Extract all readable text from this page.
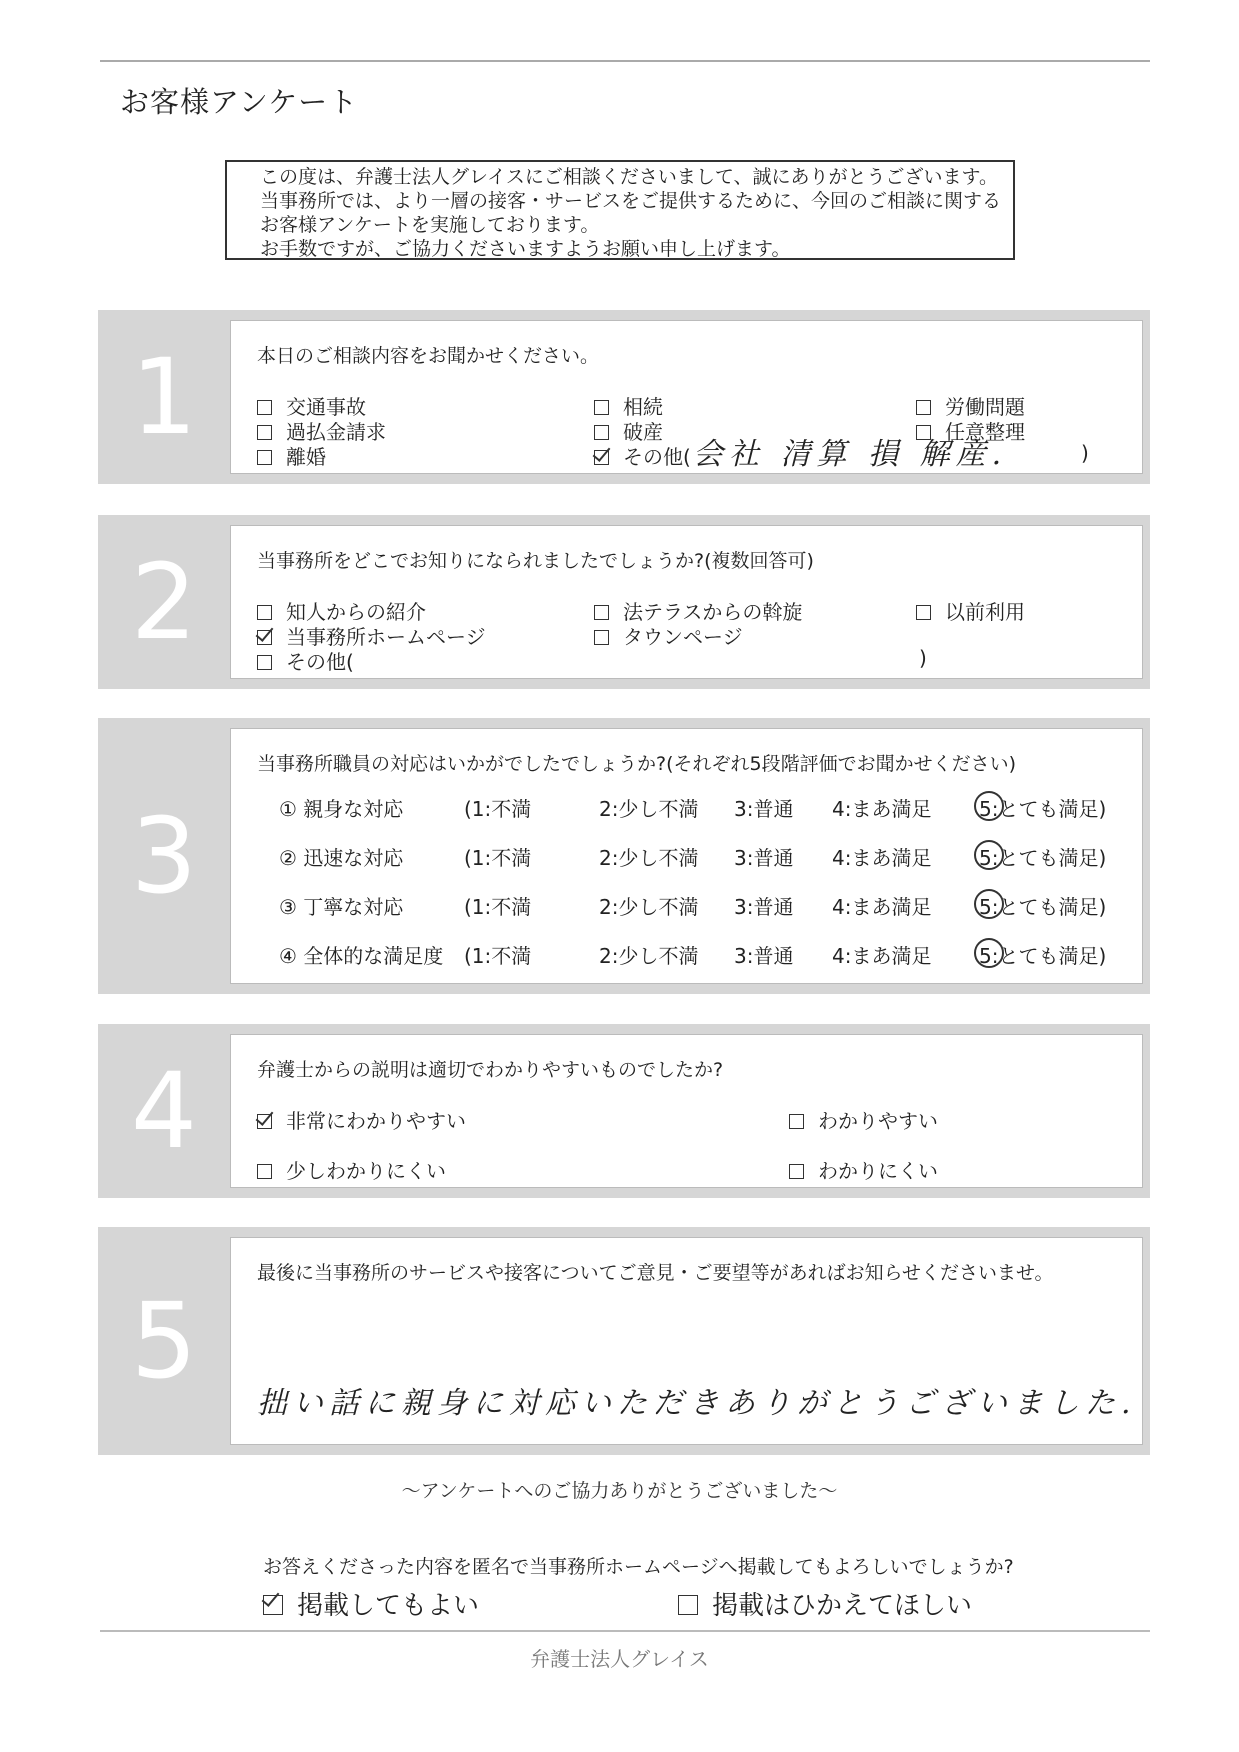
お客様アンケート
この度は、弁護士法人グレイスにご相談くださいまして、誠にありがとうございます。
当事務所では、より一層の接客・サービスをご提供するために、今回のご相談に関する
お客様アンケートを実施しております。
お手数ですが、ご協力くださいますようお願い申し上げます。
1	本日のご相談内容をお聞かせください。
交通事故
過払金請求
離婚
相続
破産
その他( 会社 清算 損 解産.	)
労働問題
任意整理
2	当事務所をどこでお知りになられましたでしょうか?(複数回答可)
知人からの紹介
当事務所ホームページ
その他(	)
法テラスからの斡旋
タウンページ
以前利用
3
当事務所職員の対応はいかがでしたでしょうか?(それぞれ5段階評価でお聞かせください)
① 親身な対応	(1:不満	2:少し不満 3:普通 4:まあ満足 5:とても満足)
② 迅速な対応	(1:不満	2:少し不満 3:普通 4:まあ満足 5:とても満足)
③ 丁寧な対応	(1:不満	2:少し不満 3:普通 4:まあ満足 5:とても満足)
④ 全体的な満足度 (1:不満	2:少し不満 3:普通 4:まあ満足 5:とても満足)
4	弁護士からの説明は適切でわかりやすいものでしたか?
非常にわかりやすい	わかりやすい
少しわかりにくい	わかりにくい
5
最後に当事務所のサービスや接客についてご意見・ご要望等があればお知らせくださいませ。
拙い話に親身に対応いただきありがとうございました.
〜アンケートへのご協力ありがとうございました〜
お答えくださった内容を匿名で当事務所ホームページへ掲載してもよろしいでしょうか?
掲載してもよい	掲載はひかえてほしい
弁護士法人グレイス
